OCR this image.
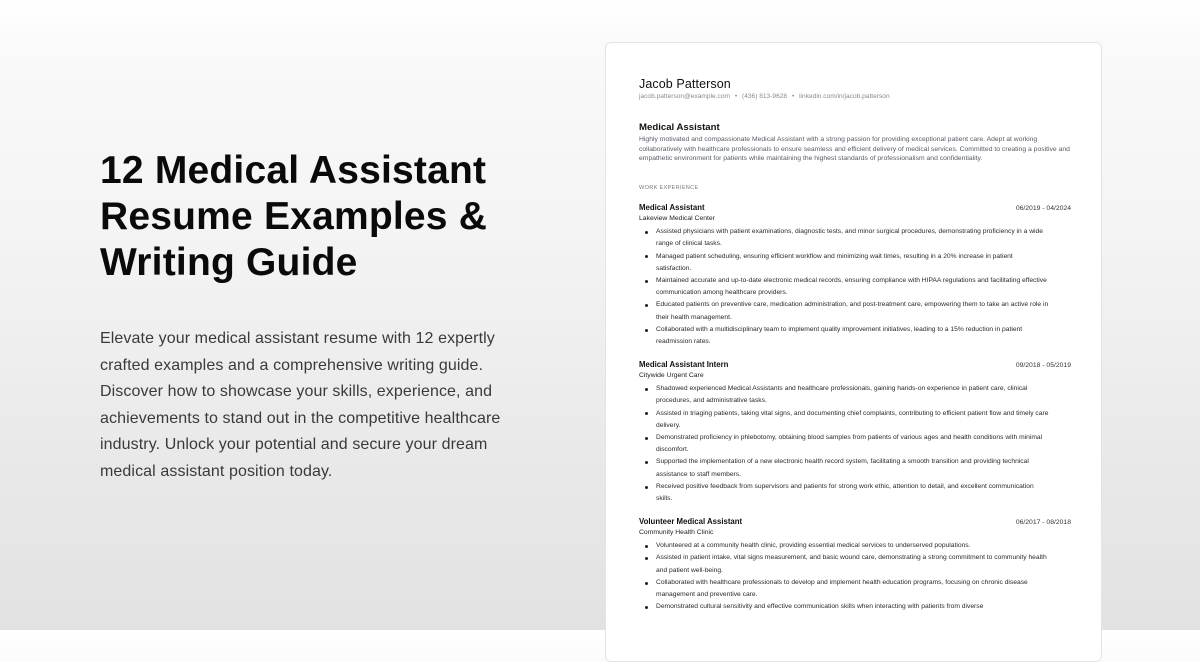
12 Medical Assistant Resume Examples & Writing Guide

Elevate your medical assistant resume with 12 expertly crafted examples and a comprehensive writing guide. Discover how to showcase your skills, experience, and achievements to stand out in the competitive healthcare industry. Unlock your potential and secure your dream medical assistant position today.

Jacob Patterson
jacob.patterson@example.com • (436) 813-9628 • linkedin.com/in/jacob.patterson
Medical Assistant
Highly motivated and compassionate Medical Assistant with a strong passion for providing exceptional patient care. Adept at working collaboratively with healthcare professionals to ensure seamless and efficient delivery of medical services. Committed to creating a positive and empathetic environment for patients while maintaining the highest standards of professionalism and confidentiality.
WORK EXPERIENCE
Medical Assistant	06/2019 - 04/2024
Lakeview Medical Center
Assisted physicians with patient examinations, diagnostic tests, and minor surgical procedures, demonstrating proficiency in a wide range of clinical tasks.
Managed patient scheduling, ensuring efficient workflow and minimizing wait times, resulting in a 20% increase in patient satisfaction.
Maintained accurate and up-to-date electronic medical records, ensuring compliance with HIPAA regulations and facilitating effective communication among healthcare providers.
Educated patients on preventive care, medication administration, and post-treatment care, empowering them to take an active role in their health management.
Collaborated with a multidisciplinary team to implement quality improvement initiatives, leading to a 15% reduction in patient readmission rates.
Medical Assistant Intern	09/2018 - 05/2019
Citywide Urgent Care
Shadowed experienced Medical Assistants and healthcare professionals, gaining hands-on experience in patient care, clinical procedures, and administrative tasks.
Assisted in triaging patients, taking vital signs, and documenting chief complaints, contributing to efficient patient flow and timely care delivery.
Demonstrated proficiency in phlebotomy, obtaining blood samples from patients of various ages and health conditions with minimal discomfort.
Supported the implementation of a new electronic health record system, facilitating a smooth transition and providing technical assistance to staff members.
Received positive feedback from supervisors and patients for strong work ethic, attention to detail, and excellent communication skills.
Volunteer Medical Assistant	06/2017 - 08/2018
Community Health Clinic
Volunteered at a community health clinic, providing essential medical services to underserved populations.
Assisted in patient intake, vital signs measurement, and basic wound care, demonstrating a strong commitment to community health and patient well-being.
Collaborated with healthcare professionals to develop and implement health education programs, focusing on chronic disease management and preventive care.
Demonstrated cultural sensitivity and effective communication skills when interacting with patients from diverse
